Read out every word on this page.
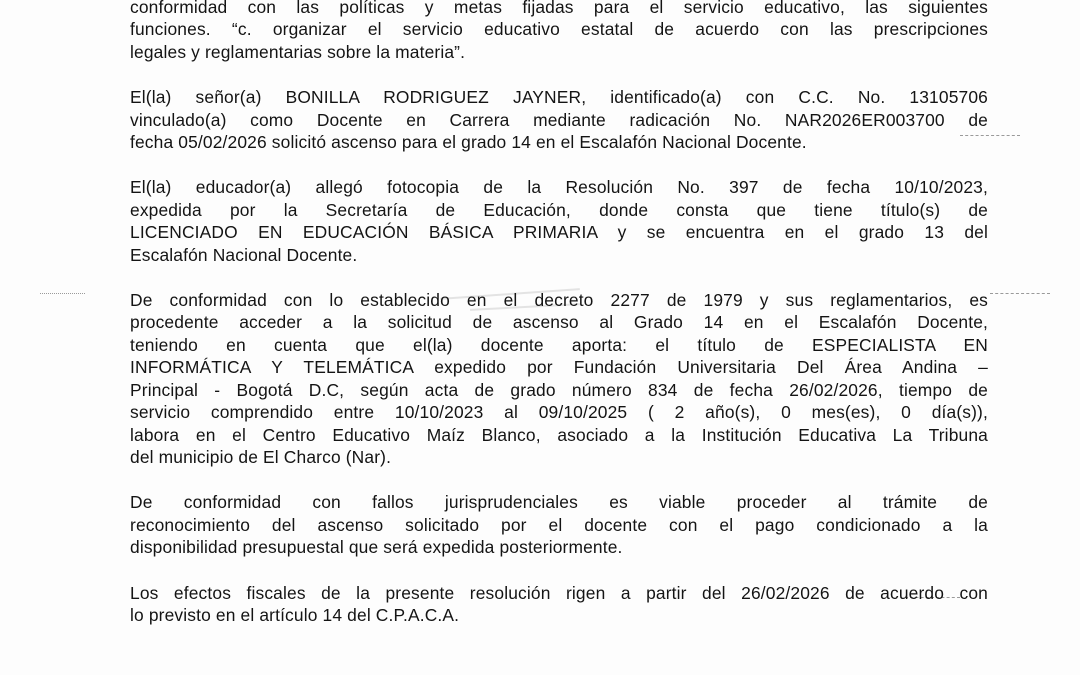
conformidad con las políticas y metas fijadas para el servicio educativo, las siguientes
funciones. “c. organizar el servicio educativo estatal de acuerdo con las prescripciones
legales y reglamentarias sobre la materia”.

El(la) señor(a) BONILLA RODRIGUEZ JAYNER, identificado(a) con C.C. No. 13105706
vinculado(a) como Docente en Carrera mediante radicación No. NAR2026ER003700 de
fecha 05/02/2026 solicitó ascenso para el grado 14 en el Escalafón Nacional Docente.

El(la) educador(a) allegó fotocopia de la Resolución No. 397 de fecha 10/10/2023,
expedida por la Secretaría de Educación, donde consta que tiene título(s) de
LICENCIADO EN EDUCACIÓN BÁSICA PRIMARIA y se encuentra en el grado 13 del
Escalafón Nacional Docente.

De conformidad con lo establecido en el decreto 2277 de 1979 y sus reglamentarios, es
procedente acceder a la solicitud de ascenso al Grado 14 en el Escalafón Docente,
teniendo en cuenta que el(la) docente aporta: el título de ESPECIALISTA EN
INFORMÁTICA Y TELEMÁTICA expedido por Fundación Universitaria Del Área Andina –
Principal - Bogotá D.C, según acta de grado número 834 de fecha 26/02/2026, tiempo de
servicio comprendido entre 10/10/2023 al 09/10/2025 ( 2 año(s), 0 mes(es), 0 día(s)),
labora en el Centro Educativo Maíz Blanco, asociado a la Institución Educativa La Tribuna
del municipio de El Charco (Nar).

De conformidad con fallos jurisprudenciales es viable proceder al trámite de
reconocimiento del ascenso solicitado por el docente con el pago condicionado a la
disponibilidad presupuestal que será expedida posteriormente.

Los efectos fiscales de la presente resolución rigen a partir del 26/02/2026 de acuerdo con
lo previsto en el artículo 14 del C.P.A.C.A.
